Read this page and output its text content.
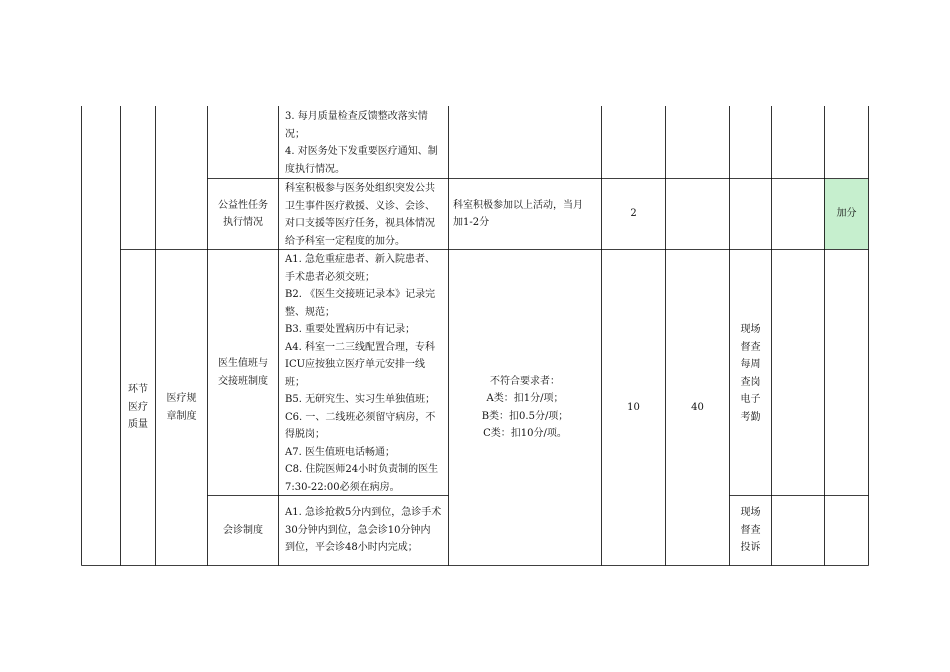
3. 每月质量检查反馈整改落实情
况；
4. 对医务处下发重要医疗通知、制
度执行情况。
公益性任务
执行情况
科室积极参与医务处组织突发公共
卫生事件医疗救援、义诊、会诊、
对口支援等医疗任务，视具体情况
给予科室一定程度的加分。
科室积极参加以上活动，当月
加1-2分
2	加分
环节
医疗
质量
医疗规
章制度
不符合要求者：
A类：扣1分/项；
B类：扣0.5分/项；
C类：扣10分/项。
40
医生值班与
交接班制度
A1. 急危重症患者、新入院患者、
手术患者必须交班；
B2. 《医生交接班记录本》记录完
整、规范；
B3. 重要处置病历中有记录；
A4. 科室一二三线配置合理，专科
ICU应按独立医疗单元安排一线
班；
B5. 无研究生、实习生单独值班；
C6. 一、二线班必须留守病房，不
得脱岗；
A7. 医生值班电话畅通；
C8. 住院医师24小时负责制的医生
7:30-22:00必须在病房。
10
现场
督查
每周
查岗
电子
考勤
会诊制度
A1. 急诊抢救5分内到位，急诊手术
30分钟内到位，急会诊10分钟内
到位，平会诊48小时内完成；
现场
督查
投诉
